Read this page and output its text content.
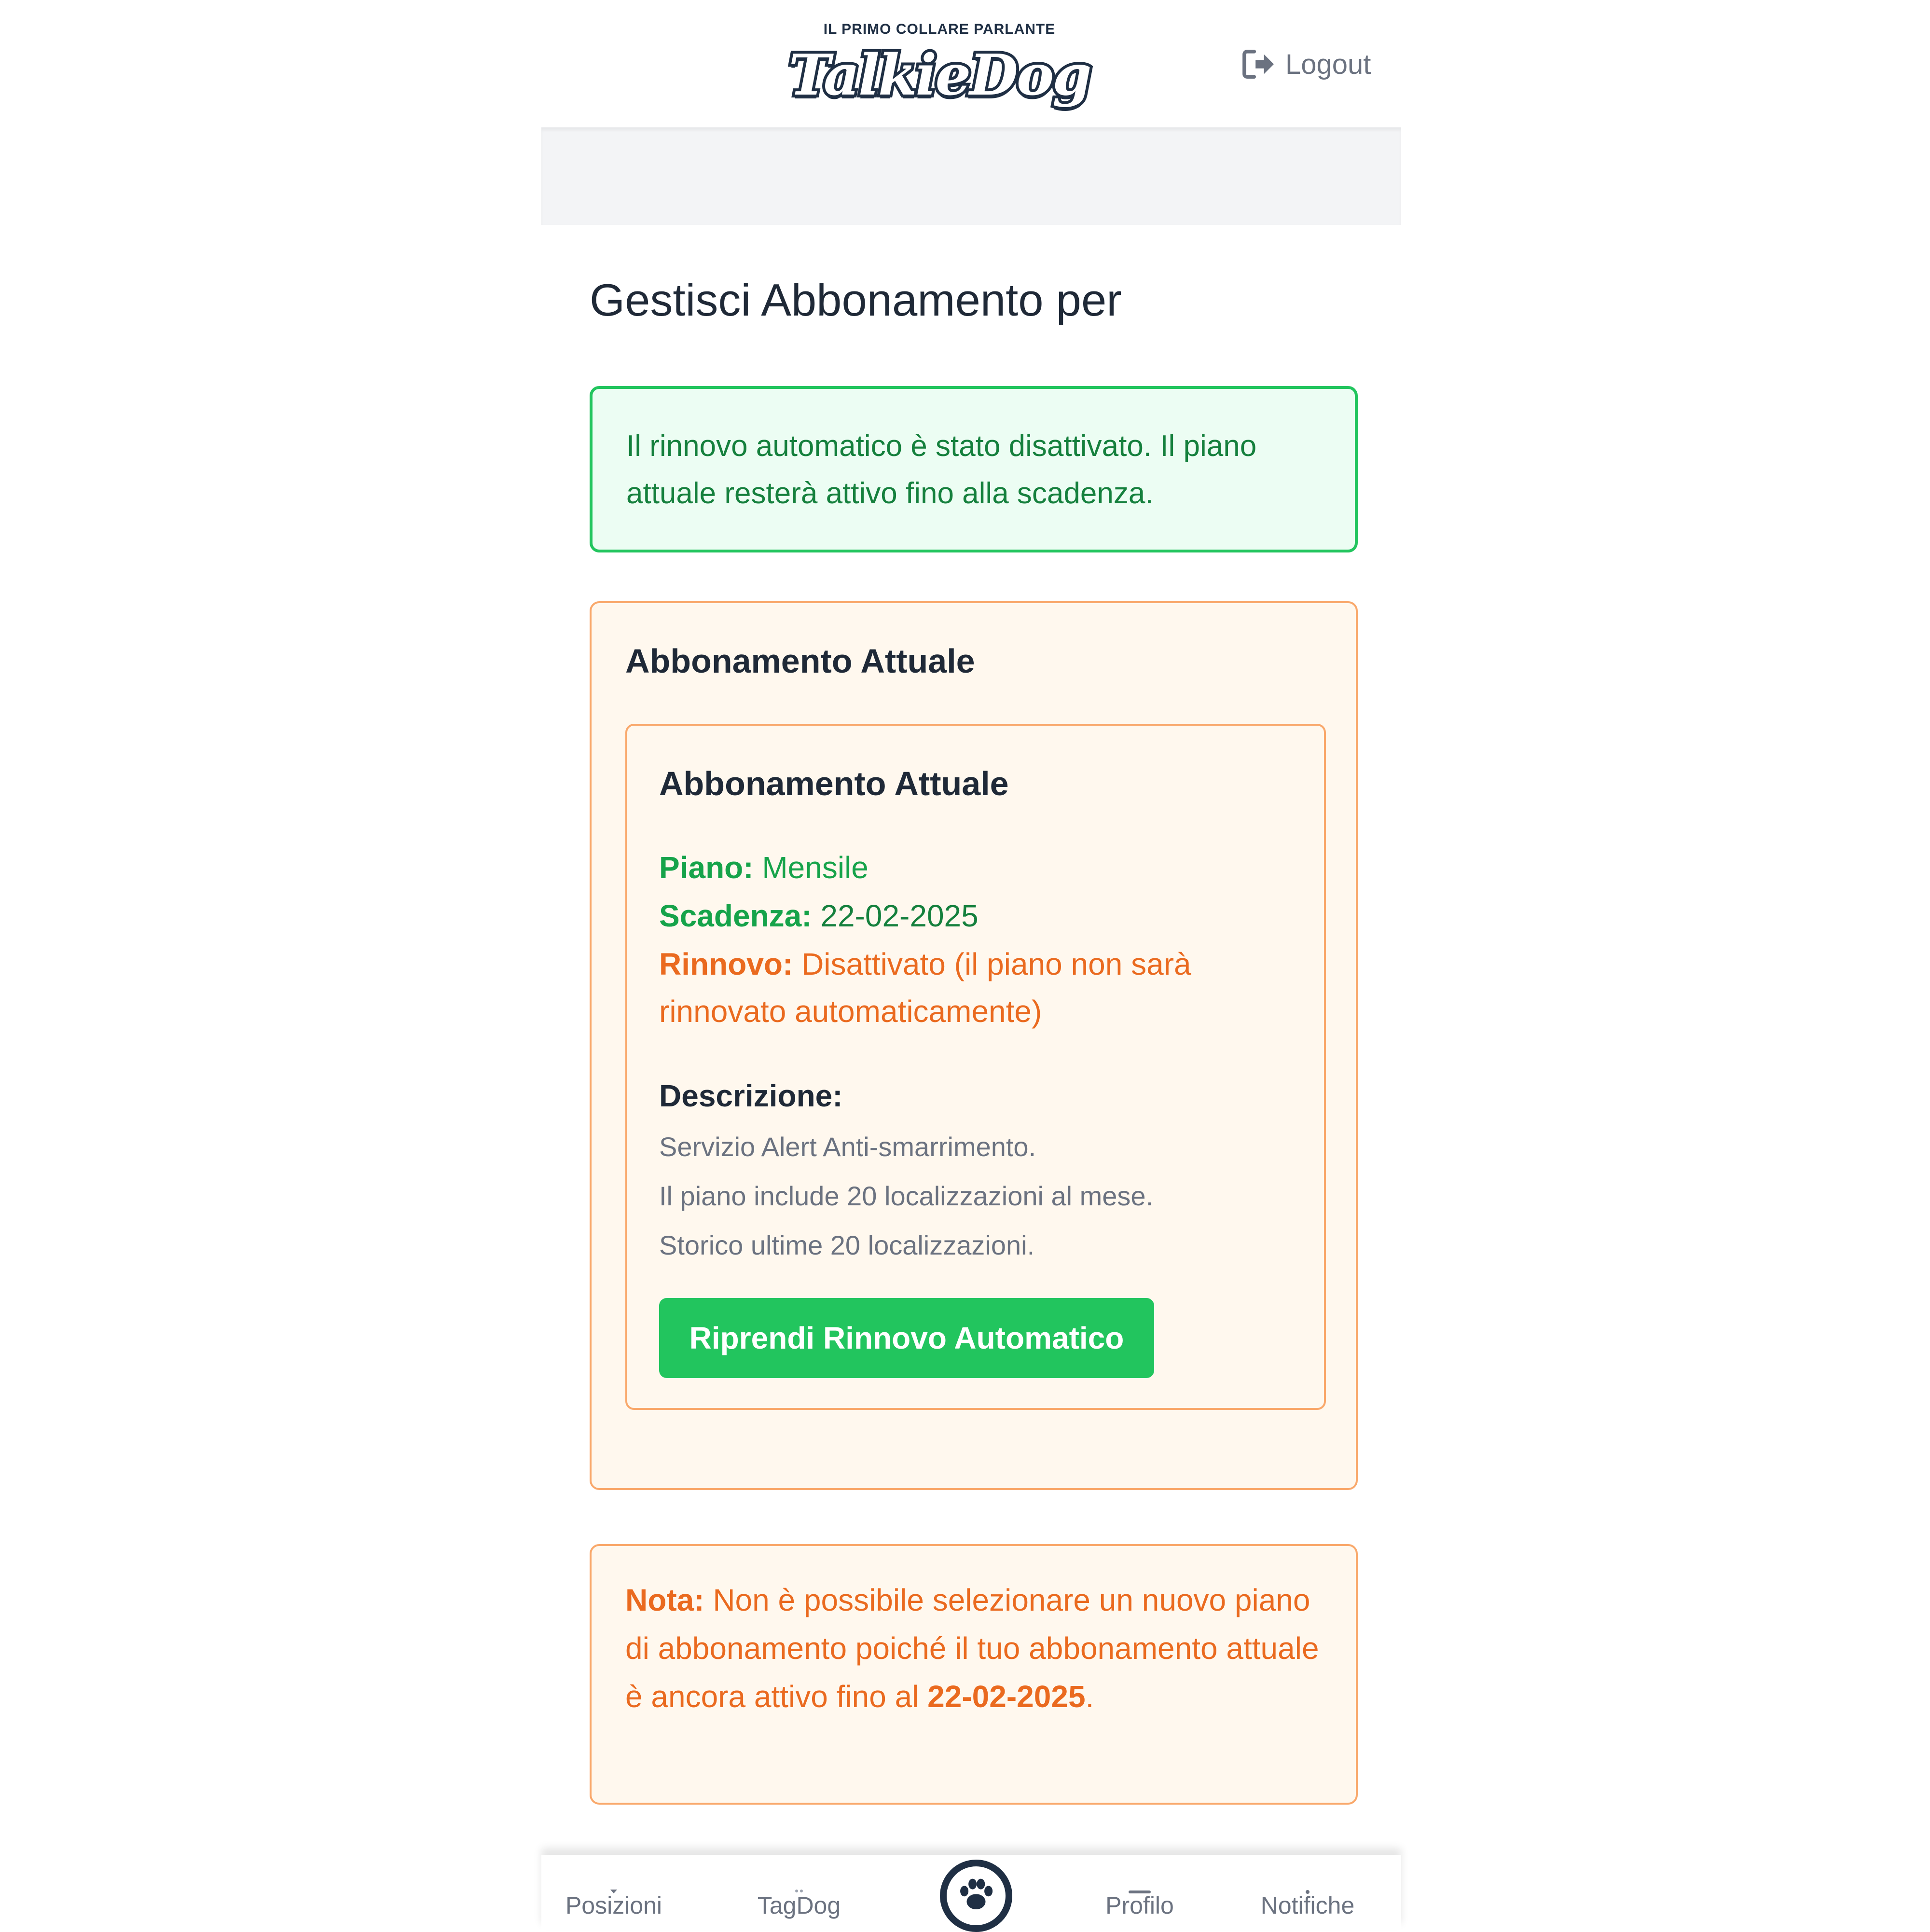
IL PRIMO COLLARE PARLANTE
TalkieDog	Logout
Gestisci Abbonamento per
Il rinnovo automatico è stato disattivato. Il piano attuale resterà attivo fino alla scadenza.
Abbonamento Attuale
Abbonamento Attuale
Piano: Mensile
Scadenza: 22-02-2025
Rinnovo: Disattivato (il piano non sarà rinnovato automaticamente)
Descrizione:
Servizio Alert Anti-smarrimento.
Il piano include 20 localizzazioni al mese.
Storico ultime 20 localizzazioni.
Riprendi Rinnovo Automatico
Nota: Non è possibile selezionare un nuovo piano di abbonamento poiché il tuo abbonamento attuale è ancora attivo fino al 22-02-2025.
Posizioni	TagDog	Profilo	Notifiche
